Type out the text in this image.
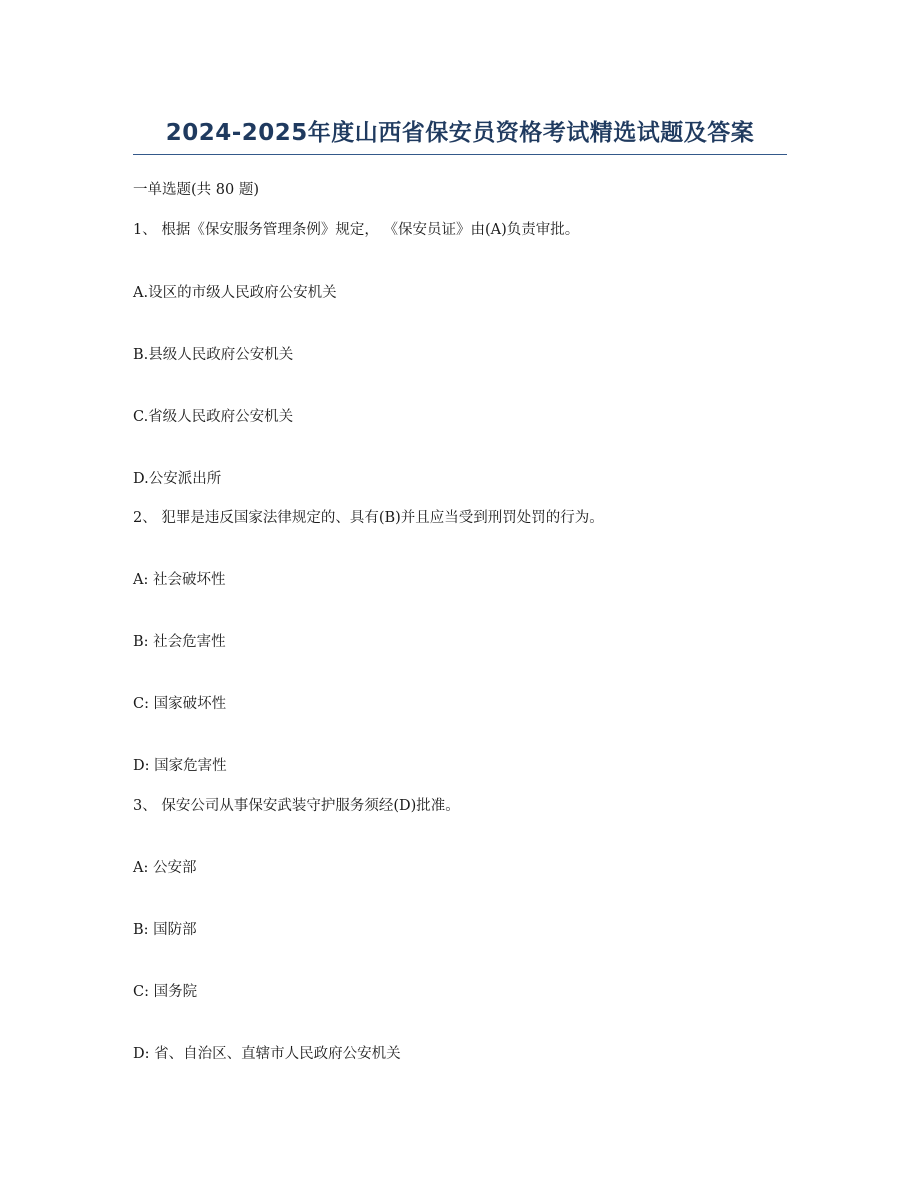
2024-2025年度山西省保安员资格考试精选试题及答案
一单选题(共 80 题)
1、 根据《保安服务管理条例》规定， 《保安员证》由(A)负责审批。
A.设区的市级人民政府公安机关
B.县级人民政府公安机关
C.省级人民政府公安机关
D.公安派出所
2、 犯罪是违反国家法律规定的、具有(B)并且应当受到刑罚处罚的行为。
A: 社会破坏性
B: 社会危害性
C: 国家破坏性
D: 国家危害性
3、 保安公司从事保安武装守护服务须经(D)批准。
A: 公安部
B: 国防部
C: 国务院
D: 省、自治区、直辖市人民政府公安机关
